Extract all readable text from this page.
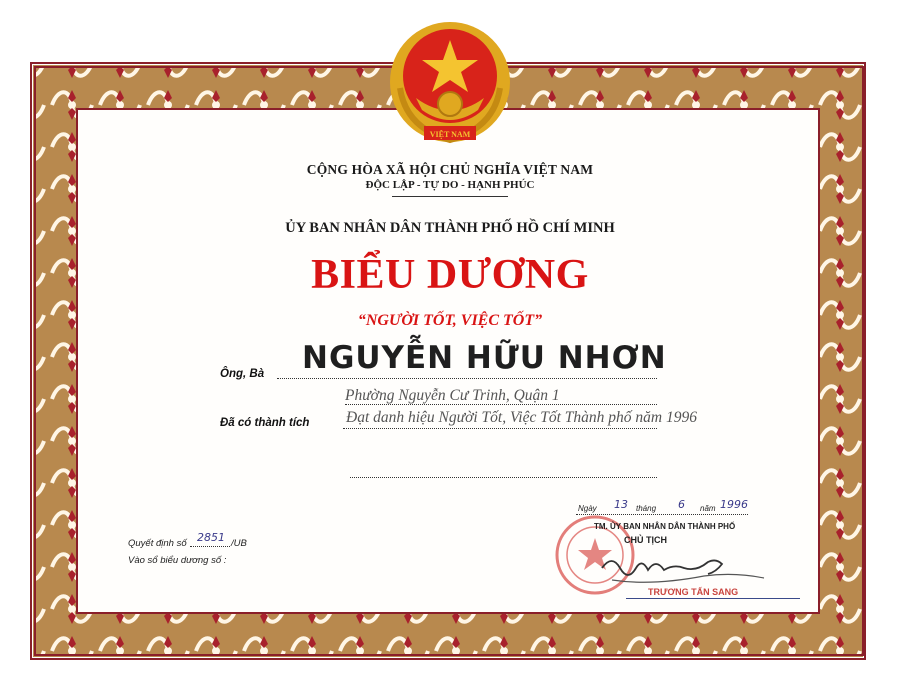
VIỆT NAM
CỘNG HÒA XÃ HỘI CHỦ NGHĨA VIỆT NAM
ĐỘC LẬP - TỰ DO - HẠNH PHÚC
ỦY BAN NHÂN DÂN THÀNH PHỐ HỒ CHÍ MINH
BIỂU DƯƠNG
“NGƯỜI TỐT, VIỆC TỐT”
Ông, Bà NGUYỄN HỮU NHƠN
Phường Nguyễn Cư Trinh, Quận 1
Đã có thành tích Đạt danh hiệu Người Tốt, Việc Tốt Thành phố năm 1996
Quyết định số 2851 /UB
Vào sổ biểu dương số :
Ngày 13 tháng 6 năm 1996
TM. ỦY BAN NHÂN DÂN THÀNH PHỐ
CHỦ TỊCH
TRƯƠNG TẤN SANG
